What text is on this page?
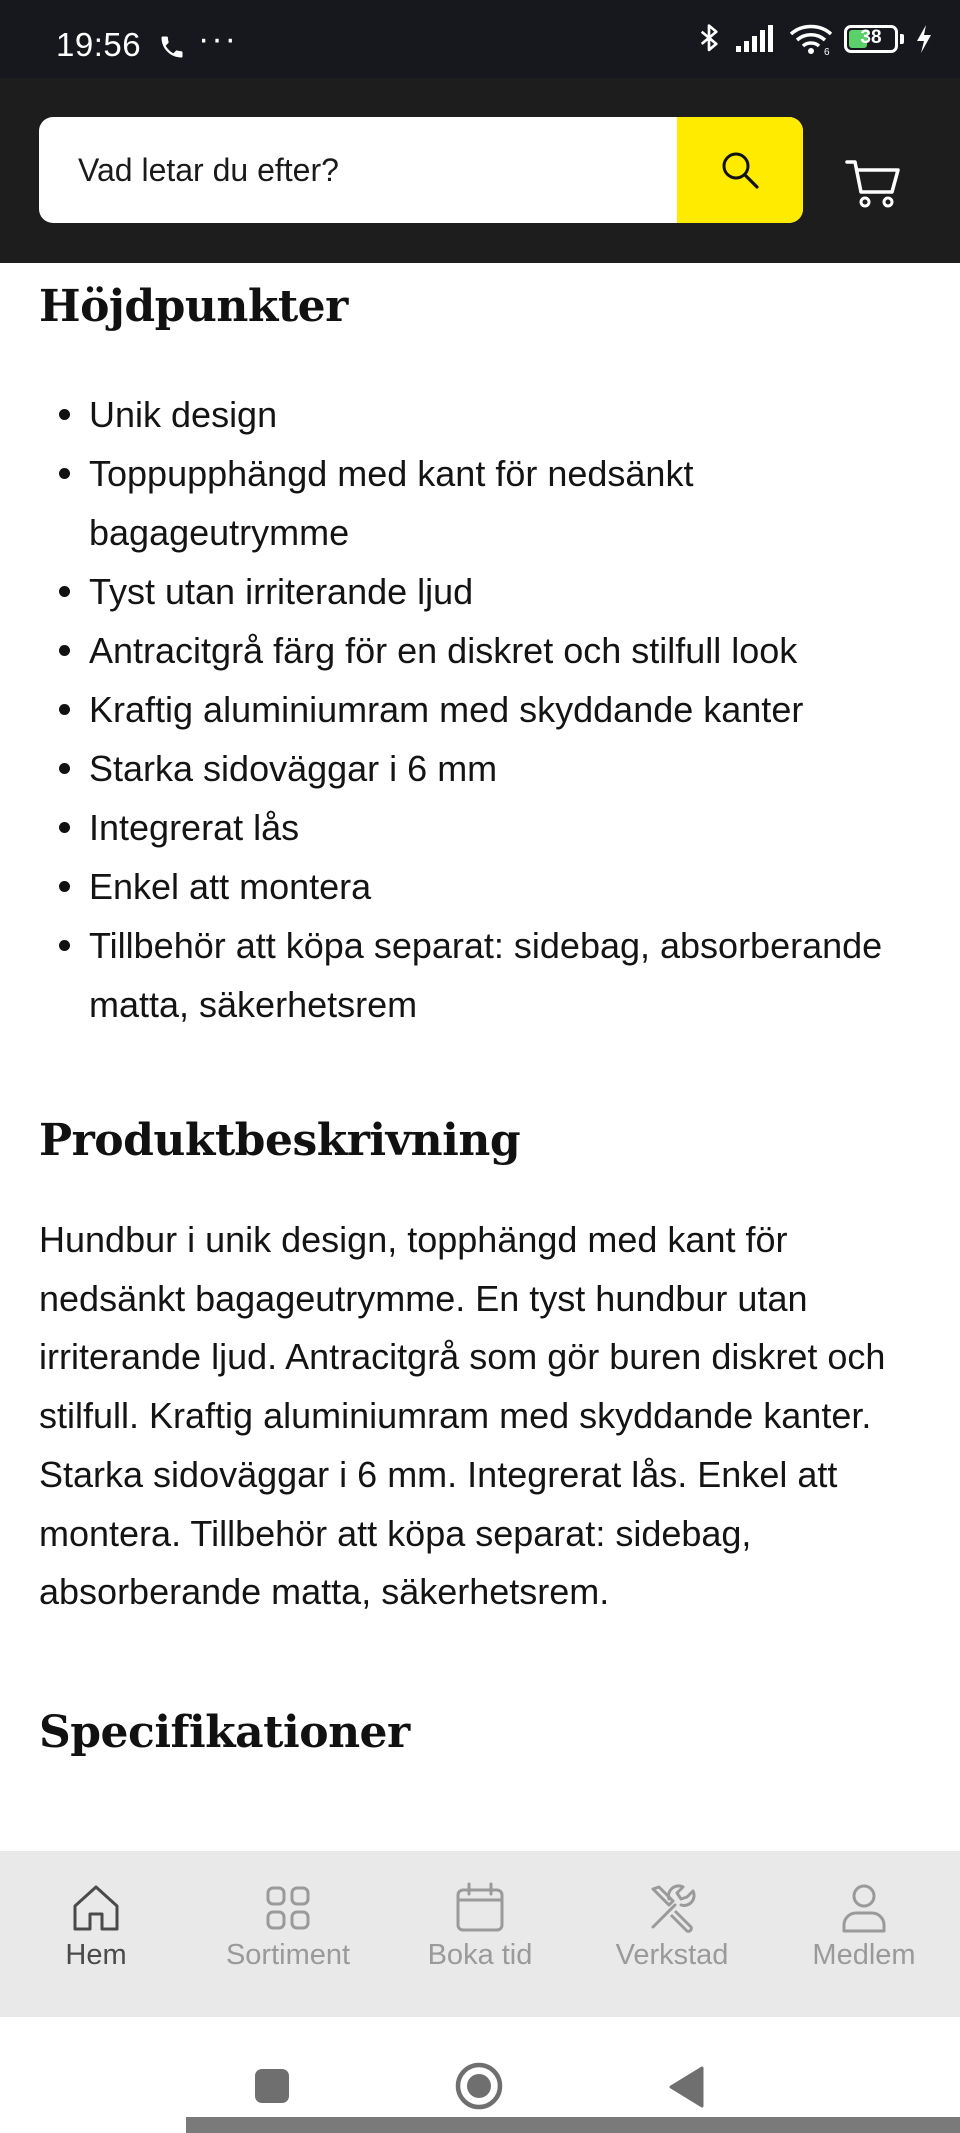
19:56 ···	6
38
Vad letar du efter?
Höjdpunkter
Unik design
Toppupphängd med kant för nedsänkt bagageutrymme
Tyst utan irriterande ljud
Antracitgrå färg för en diskret och stilfull look
Kraftig aluminiumram med skyddande kanter
Starka sidoväggar i 6 mm
Integrerat lås
Enkel att montera
Tillbehör att köpa separat: sidebag, absorberande matta, säkerhetsrem
Produktbeskrivning

Hundbur i unik design, topphängd med kant för nedsänkt bagageutrymme. En tyst hundbur utan irriterande ljud. Antracitgrå som gör buren diskret och stilfull. Kraftig aluminiumram med skyddande kanter. Starka sidoväggar i 6 mm. Integrerat lås. Enkel att montera. Tillbehör att köpa separat: sidebag, absorberande matta, säkerhetsrem.

Specifikationer
Hem	Sortiment	Boka tid	Verkstad	Medlem
